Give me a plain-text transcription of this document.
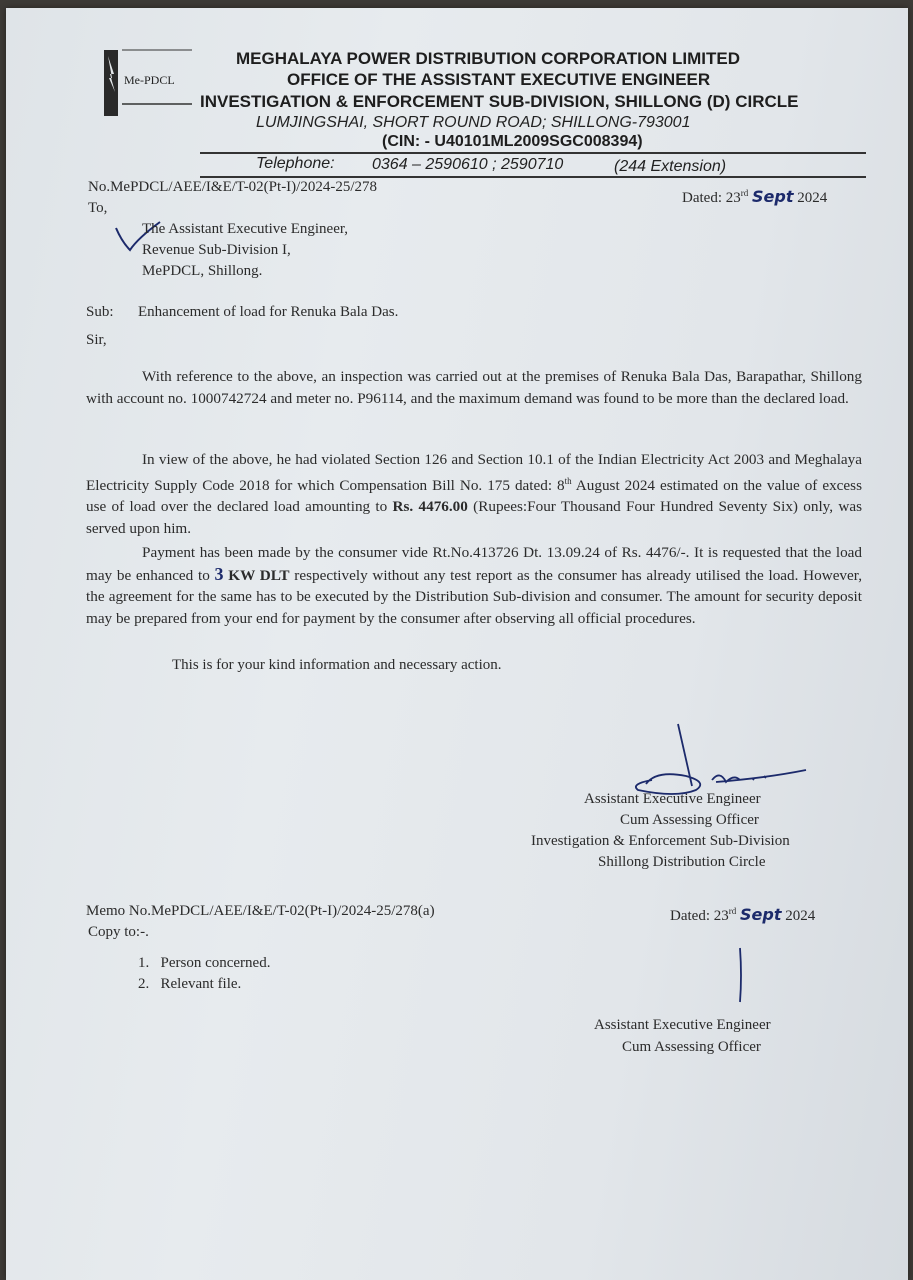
Me-PDCL
MEGHALAYA POWER DISTRIBUTION CORPORATION LIMITED
OFFICE OF THE ASSISTANT EXECUTIVE ENGINEER
INVESTIGATION & ENFORCEMENT SUB-DIVISION, SHILLONG (D) CIRCLE
LUMJINGSHAI, SHORT ROUND ROAD; SHILLONG-793001
(CIN: - U40101ML2009SGC008394)
Telephone: 0364 – 2590610 ; 2590710	(244 Extension)
No.MePDCL/AEE/I&E/T-02(Pt-I)/2024-25/278
Dated: 23rd Sept 2024
To,
The Assistant Executive Engineer,
Revenue Sub-Division I,
MePDCL, Shillong.
Sub: Enhancement of load for Renuka Bala Das.
Sir,
With reference to the above, an inspection was carried out at the premises of Renuka Bala Das, Barapathar, Shillong with account no. 1000742724 and meter no. P96114, and the maximum demand was found to be more than the declared load.
In view of the above, he had violated Section 126 and Section 10.1 of the Indian Electricity Act 2003 and Meghalaya Electricity Supply Code 2018 for which Compensation Bill No. 175 dated: 8th August 2024 estimated on the value of excess use of load over the declared load amounting to Rs. 4476.00 (Rupees:Four Thousand Four Hundred Seventy Six) only, was served upon him.
Payment has been made by the consumer vide Rt.No.413726 Dt. 13.09.24 of Rs. 4476/-. It is requested that the load may be enhanced to 3 KW DLT respectively without any test report as the consumer has already utilised the load. However, the agreement for the same has to be executed by the Distribution Sub-division and consumer. The amount for security deposit may be prepared from your end for payment by the consumer after observing all official procedures.
This is for your kind information and necessary action.
Assistant Executive Engineer
Cum Assessing Officer
Investigation & Enforcement Sub-Division
Shillong Distribution Circle
Memo No.MePDCL/AEE/I&E/T-02(Pt-I)/2024-25/278(a)	Dated: 23rd Sept 2024
Copy to:-.
1.   Person concerned.
2.   Relevant file.
Assistant Executive Engineer
Cum Assessing Officer
